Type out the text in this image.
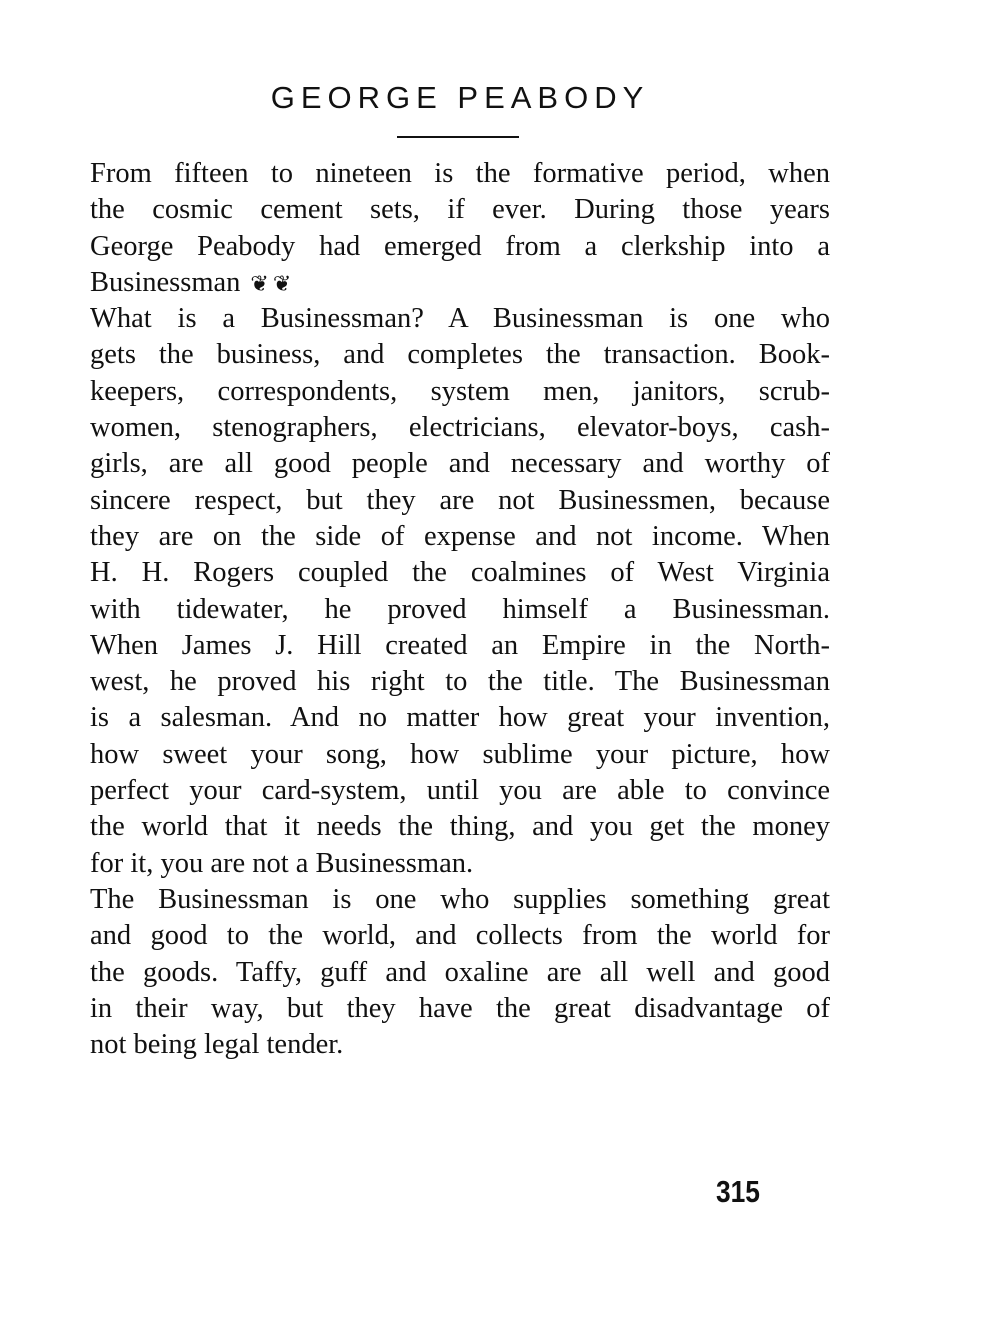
GEORGE PEABODY
From fifteen to nineteen is the formative period, when
the cosmic cement sets, if ever. During those years
George Peabody had emerged from a clerkship into a
Businessman ❦❦
What is a Businessman? A Businessman is one who
gets the business, and completes the transaction. Book-
keepers, correspondents, system men, janitors, scrub-
women, stenographers, electricians, elevator-boys, cash-
girls, are all good people and necessary and worthy of
sincere respect, but they are not Businessmen, because
they are on the side of expense and not income. When
H. H. Rogers coupled the coalmines of West Virginia
with tidewater, he proved himself a Businessman.
When James J. Hill created an Empire in the North-
west, he proved his right to the title. The Businessman
is a salesman. And no matter how great your invention,
how sweet your song, how sublime your picture, how
perfect your card-system, until you are able to convince
the world that it needs the thing, and you get the money
for it, you are not a Businessman.
The Businessman is one who supplies something great
and good to the world, and collects from the world for
the goods. Taffy, guff and oxaline are all well and good
in their way, but they have the great disadvantage of
not being legal tender.
315
